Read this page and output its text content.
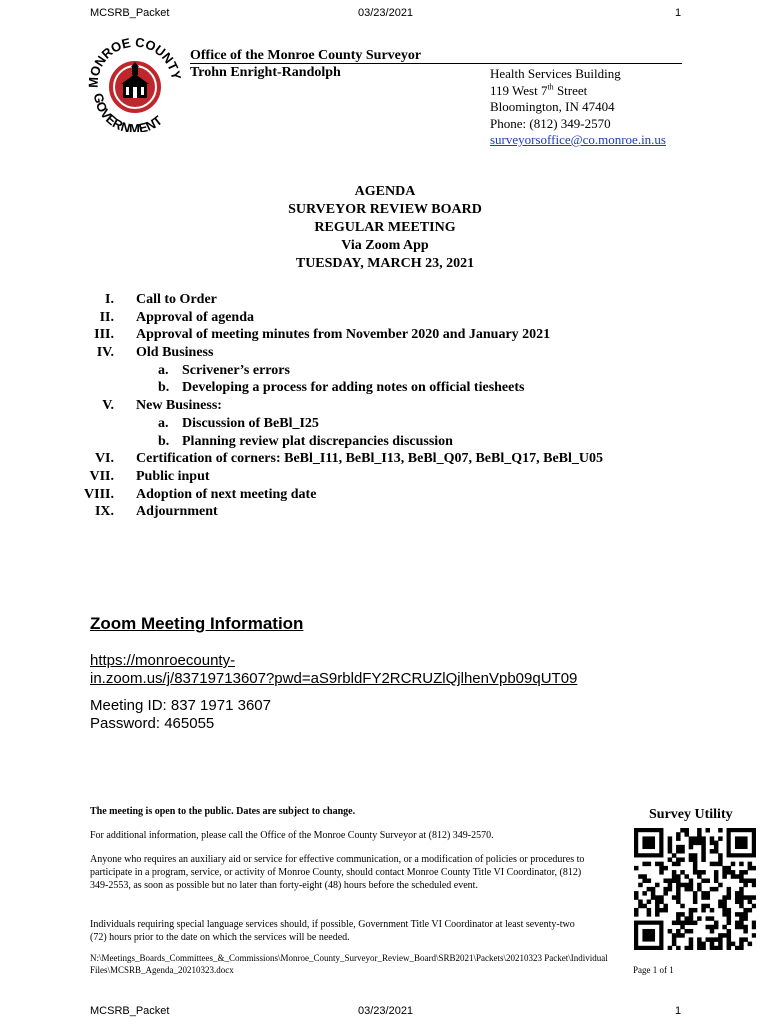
MCSRB_Packet	03/23/2021	1
ONROE COUNT
GOVERNMENT
Office of the Monroe County Surveyor
Trohn Enright-Randolph	Health Services Building
119 West 7th Street
Bloomington, IN 47404
Phone: (812) 349-2570
surveyorsoffice@co.monroe.in.us
AGENDA
SURVEYOR REVIEW BOARD
REGULAR MEETING
Via Zoom App
TUESDAY, MARCH 23, 2021
I. Call to Order
II. Approval of agenda
III. Approval of meeting minutes from November 2020 and January 2021
IV. Old Business
a. Scrivener’s errors
b. Developing a process for adding notes on official tiesheets
V. New Business:
a. Discussion of BeBl_I25
b. Planning review plat discrepancies discussion
VI. Certification of corners: BeBl_I11, BeBl_I13, BeBl_Q07, BeBl_Q17, BeBl_U05
VII. Public input
VIII. Adoption of next meeting date
IX. Adjournment
Zoom Meeting Information
https://monroecounty-
in.zoom.us/j/83719713607?pwd=aS9rbldFY2RCRUZlQjlhenVpb09qUT09
Meeting ID: 837 1971 3607
Password: 465055
The meeting is open to the public. Dates are subject to change.
For additional information, please call the Office of the Monroe County Surveyor at (812) 349-2570.
Anyone who requires an auxiliary aid or service for effective communication, or a modification of policies or procedures to participate in a program, service, or activity of Monroe County, should contact Monroe County Title VI Coordinator, (812) 349-2553, as soon as possible but no later than forty-eight (48) hours before the scheduled event.
Individuals requiring special language services should, if possible, Government Title VI Coordinator at least seventy-two (72) hours prior to the date on which the services will be needed.
Survey Utility
N:\Meetings_Boards_Committees_&_Commissions\Monroe_County_Surveyor_Review_Board\SRB2021\Packets\20210323 Packet\Individual Files\MCSRB_Agenda_20210323.docx	Page 1 of 1
MCSRB_Packet	03/23/2021	1
